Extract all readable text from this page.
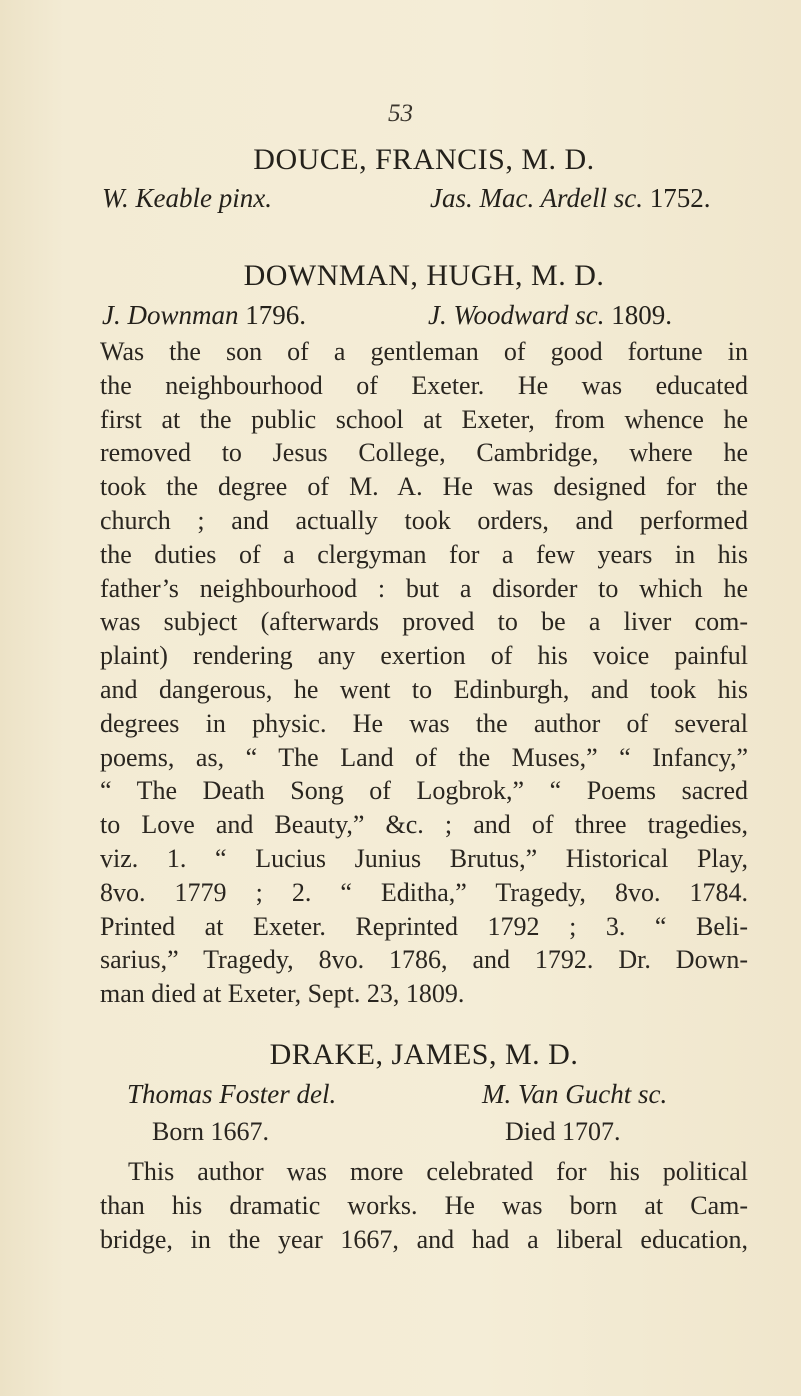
53
DOUCE, FRANCIS, M. D.
W. Keable pinx.	Jas. Mac. Ardell sc. 1752.
DOWNMAN, HUGH, M. D.
J. Downman 1796.	J. Woodward sc. 1809.
Was the son of a gentleman of good fortune in
the neighbourhood of Exeter. He was educated
first at the public school at Exeter, from whence he
removed to Jesus College, Cambridge, where he
took the degree of M. A. He was designed for the
church ; and actually took orders, and performed
the duties of a clergyman for a few years in his
father’s neighbourhood : but a disorder to which he
was subject (afterwards proved to be a liver com-
plaint) rendering any exertion of his voice painful
and dangerous, he went to Edinburgh, and took his
degrees in physic. He was the author of several
poems, as, “ The Land of the Muses,” “ Infancy,”
“ The Death Song of Logbrok,” “ Poems sacred
to Love and Beauty,” &c. ; and of three tragedies,
viz. 1. “ Lucius Junius Brutus,” Historical Play,
8vo. 1779 ; 2. “ Editha,” Tragedy, 8vo. 1784.
Printed at Exeter. Reprinted 1792 ; 3. “ Beli-
sarius,” Tragedy, 8vo. 1786, and 1792. Dr. Down-
man died at Exeter, Sept. 23, 1809.
DRAKE, JAMES, M. D.
Thomas Foster del.	M. Van Gucht sc.
Born 1667.	Died 1707.
This author was more celebrated for his political
than his dramatic works. He was born at Cam-
bridge, in the year 1667, and had a liberal education,
